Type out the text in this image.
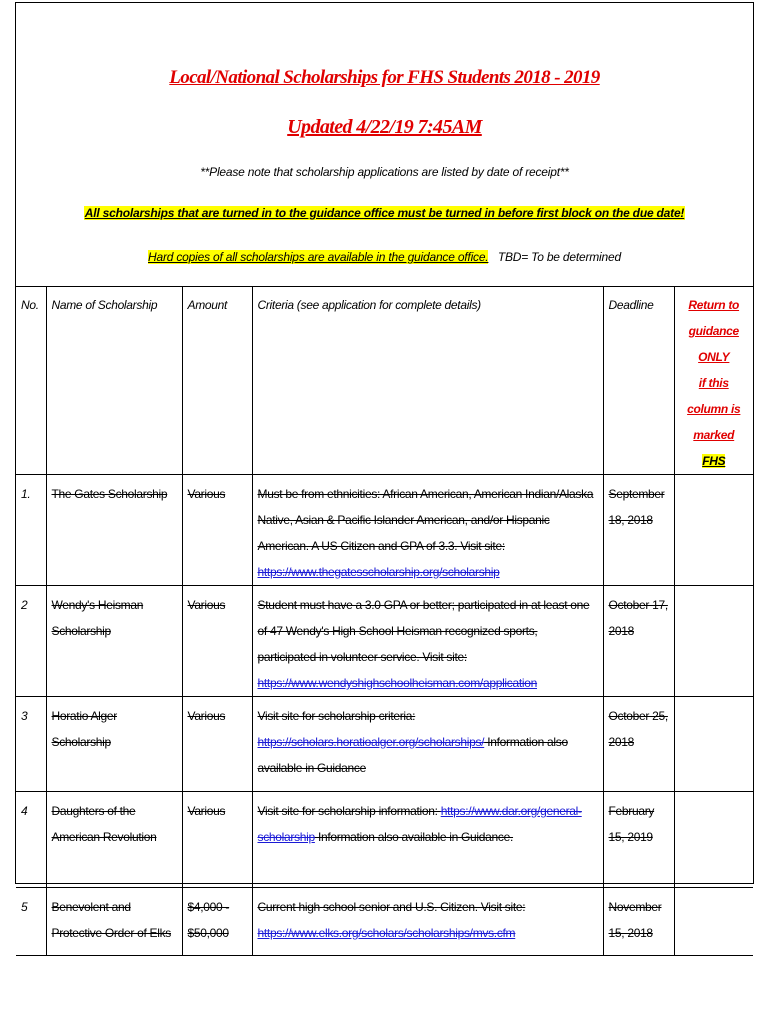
Local/National Scholarships for FHS Students 2018 - 2019
Updated 4/22/19 7:45AM
**Please note that scholarship applications are listed by date of receipt**
All scholarships that are turned in to the guidance office must be turned in before first block on the due date!
Hard copies of all scholarships are available in the guidance office. TBD= To be determined
No.	Name of Scholarship	Amount	Criteria (see application for complete details)	Deadline	Return to
guidance ONLY
if this column is
marked
FHS
1.	The Gates Scholarship	Various	Must be from ethnicities: African American, American Indian/Alaska Native, Asian & Pacific Islander American, and/or Hispanic American. A US Citizen and GPA of 3.3. Visit site: https://www.thegatesscholarship.org/scholarship	September 18, 2018	
2	Wendy's Heisman Scholarship	Various	Student must have a 3.0 GPA or better; participated in at least one of 47 Wendy's High School Heisman recognized sports, participated in volunteer service. Visit site: https://www.wendyshighschoolheisman.com/application	October 17, 2018	
3	Horatio Alger Scholarship	Various	Visit site for scholarship criteria: https://scholars.horatioalger.org/scholarships/ Information also available in Guidance	October 25, 2018	
4	Daughters of the American Revolution	Various	Visit site for scholarship information: https://www.dar.org/general-scholarship Information also available in Guidance.	February 15, 2019	
5	Benevolent and Protective Order of Elks	$4,000 - $50,000	Current high school senior and U.S. Citizen. Visit site: https://www.elks.org/scholars/scholarships/mvs.cfm	November 15, 2018	
